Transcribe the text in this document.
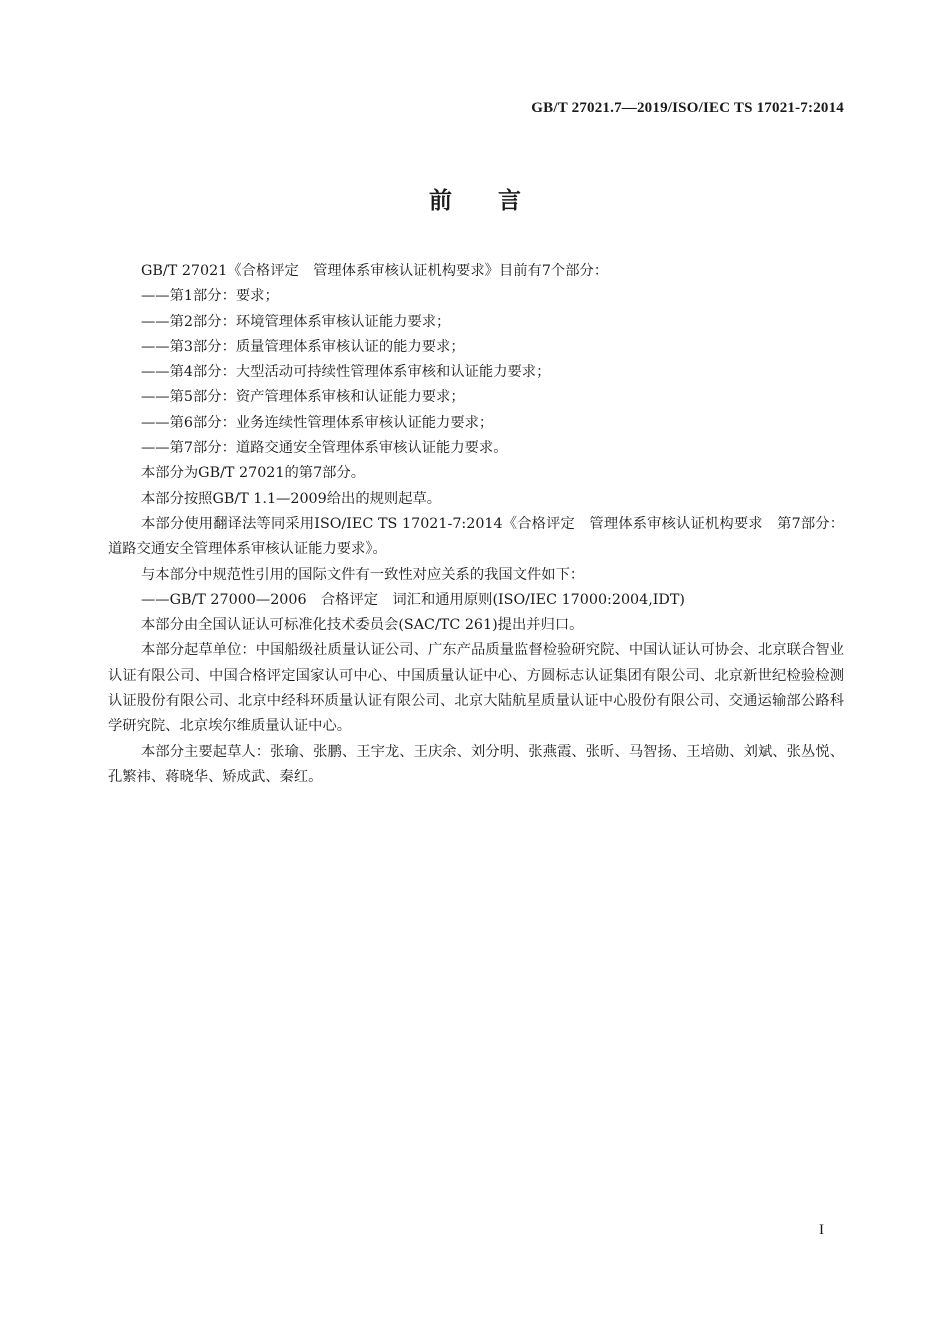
GB/T 27021.7—2019/ISO/IEC TS 17021-7:2014
前　　言

GB/T 27021《合格评定　管理体系审核认证机构要求》目前有7个部分：

——第1部分：要求；

——第2部分：环境管理体系审核认证能力要求；

——第3部分：质量管理体系审核认证的能力要求；

——第4部分：大型活动可持续性管理体系审核和认证能力要求；

——第5部分：资产管理体系审核和认证能力要求；

——第6部分：业务连续性管理体系审核认证能力要求；

——第7部分：道路交通安全管理体系审核认证能力要求。

本部分为GB/T 27021的第7部分。

本部分按照GB/T 1.1—2009给出的规则起草。

本部分使用翻译法等同采用ISO/IEC TS 17021-7:2014《合格评定　管理体系审核认证机构要求　第7部分：道路交通安全管理体系审核认证能力要求》。

与本部分中规范性引用的国际文件有一致性对应关系的我国文件如下：

——GB/T 27000—2006　合格评定　词汇和通用原则(ISO/IEC 17000:2004,IDT)

本部分由全国认证认可标准化技术委员会(SAC/TC 261)提出并归口。

本部分起草单位：中国船级社质量认证公司、广东产品质量监督检验研究院、中国认证认可协会、北京联合智业认证有限公司、中国合格评定国家认可中心、中国质量认证中心、方圆标志认证集团有限公司、北京新世纪检验检测认证股份有限公司、北京中经科环质量认证有限公司、北京大陆航星质量认证中心股份有限公司、交通运输部公路科学研究院、北京埃尔维质量认证中心。

本部分主要起草人：张瑜、张鹏、王宇龙、王庆余、刘分明、张燕霞、张昕、马智扬、王培勋、刘斌、张丛悦、孔繁祎、蒋晓华、矫成武、秦红。

I
